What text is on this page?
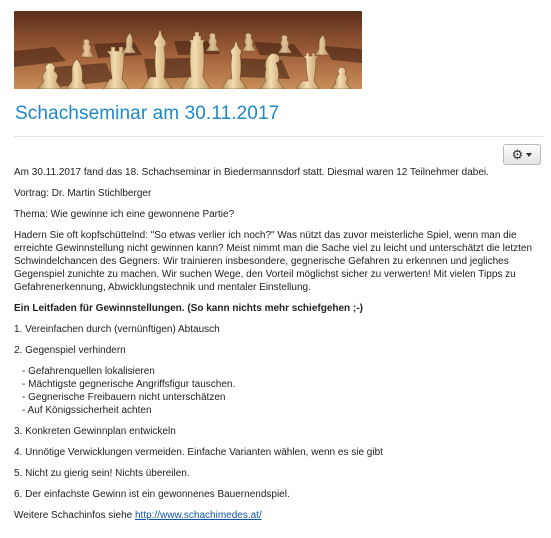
Schachseminar am 30.11.2017
⚙

Am 30.11.2017 fand das 18. Schachseminar in Biedermannsdorf statt. Diesmal waren 12 Teilnehmer dabei.

Vortrag: Dr. Martin Stichlberger

Thema: Wie gewinne ich eine gewonnene Partie?

Hadern Sie oft kopfschüttelnd: "So etwas verlier ich noch?" Was nützt das zuvor meisterliche Spiel, wenn man die erreichte Gewinnstellung nicht gewinnen kann? Meist nimmt man die Sache viel zu leicht und unterschätzt die letzten Schwindelchancen des Gegners. Wir trainieren insbesondere, gegnerische Gefahren zu erkennen und jegliches Gegenspiel zunichte zu machen. Wir suchen Wege, den Vorteil möglichst sicher zu verwerten! Mit vielen Tipps zu Gefahrenerkennung, Abwicklungstechnik und mentaler Einstellung.

Ein Leitfaden für Gewinnstellungen. (So kann nichts mehr schiefgehen ;-)

1. Vereinfachen durch (vernünftigen) Abtausch

2. Gegenspiel verhindern

- Gefahrenquellen lokalisieren
- Mächtigste gegnerische Angriffsfigur tauschen.
- Gegnerische Freibauern nicht unterschätzen
- Auf Königssicherheit achten

3. Konkreten Gewinnplan entwickeln

4. Unnötige Verwicklungen vermeiden. Einfache Varianten wählen, wenn es sie gibt

5. Nicht zu gierig sein! Nichts übereilen.

6. Der einfachste Gewinn ist ein gewonnenes Bauernendspiel.

Weitere Schachinfos siehe http://www.schachimedes.at/
